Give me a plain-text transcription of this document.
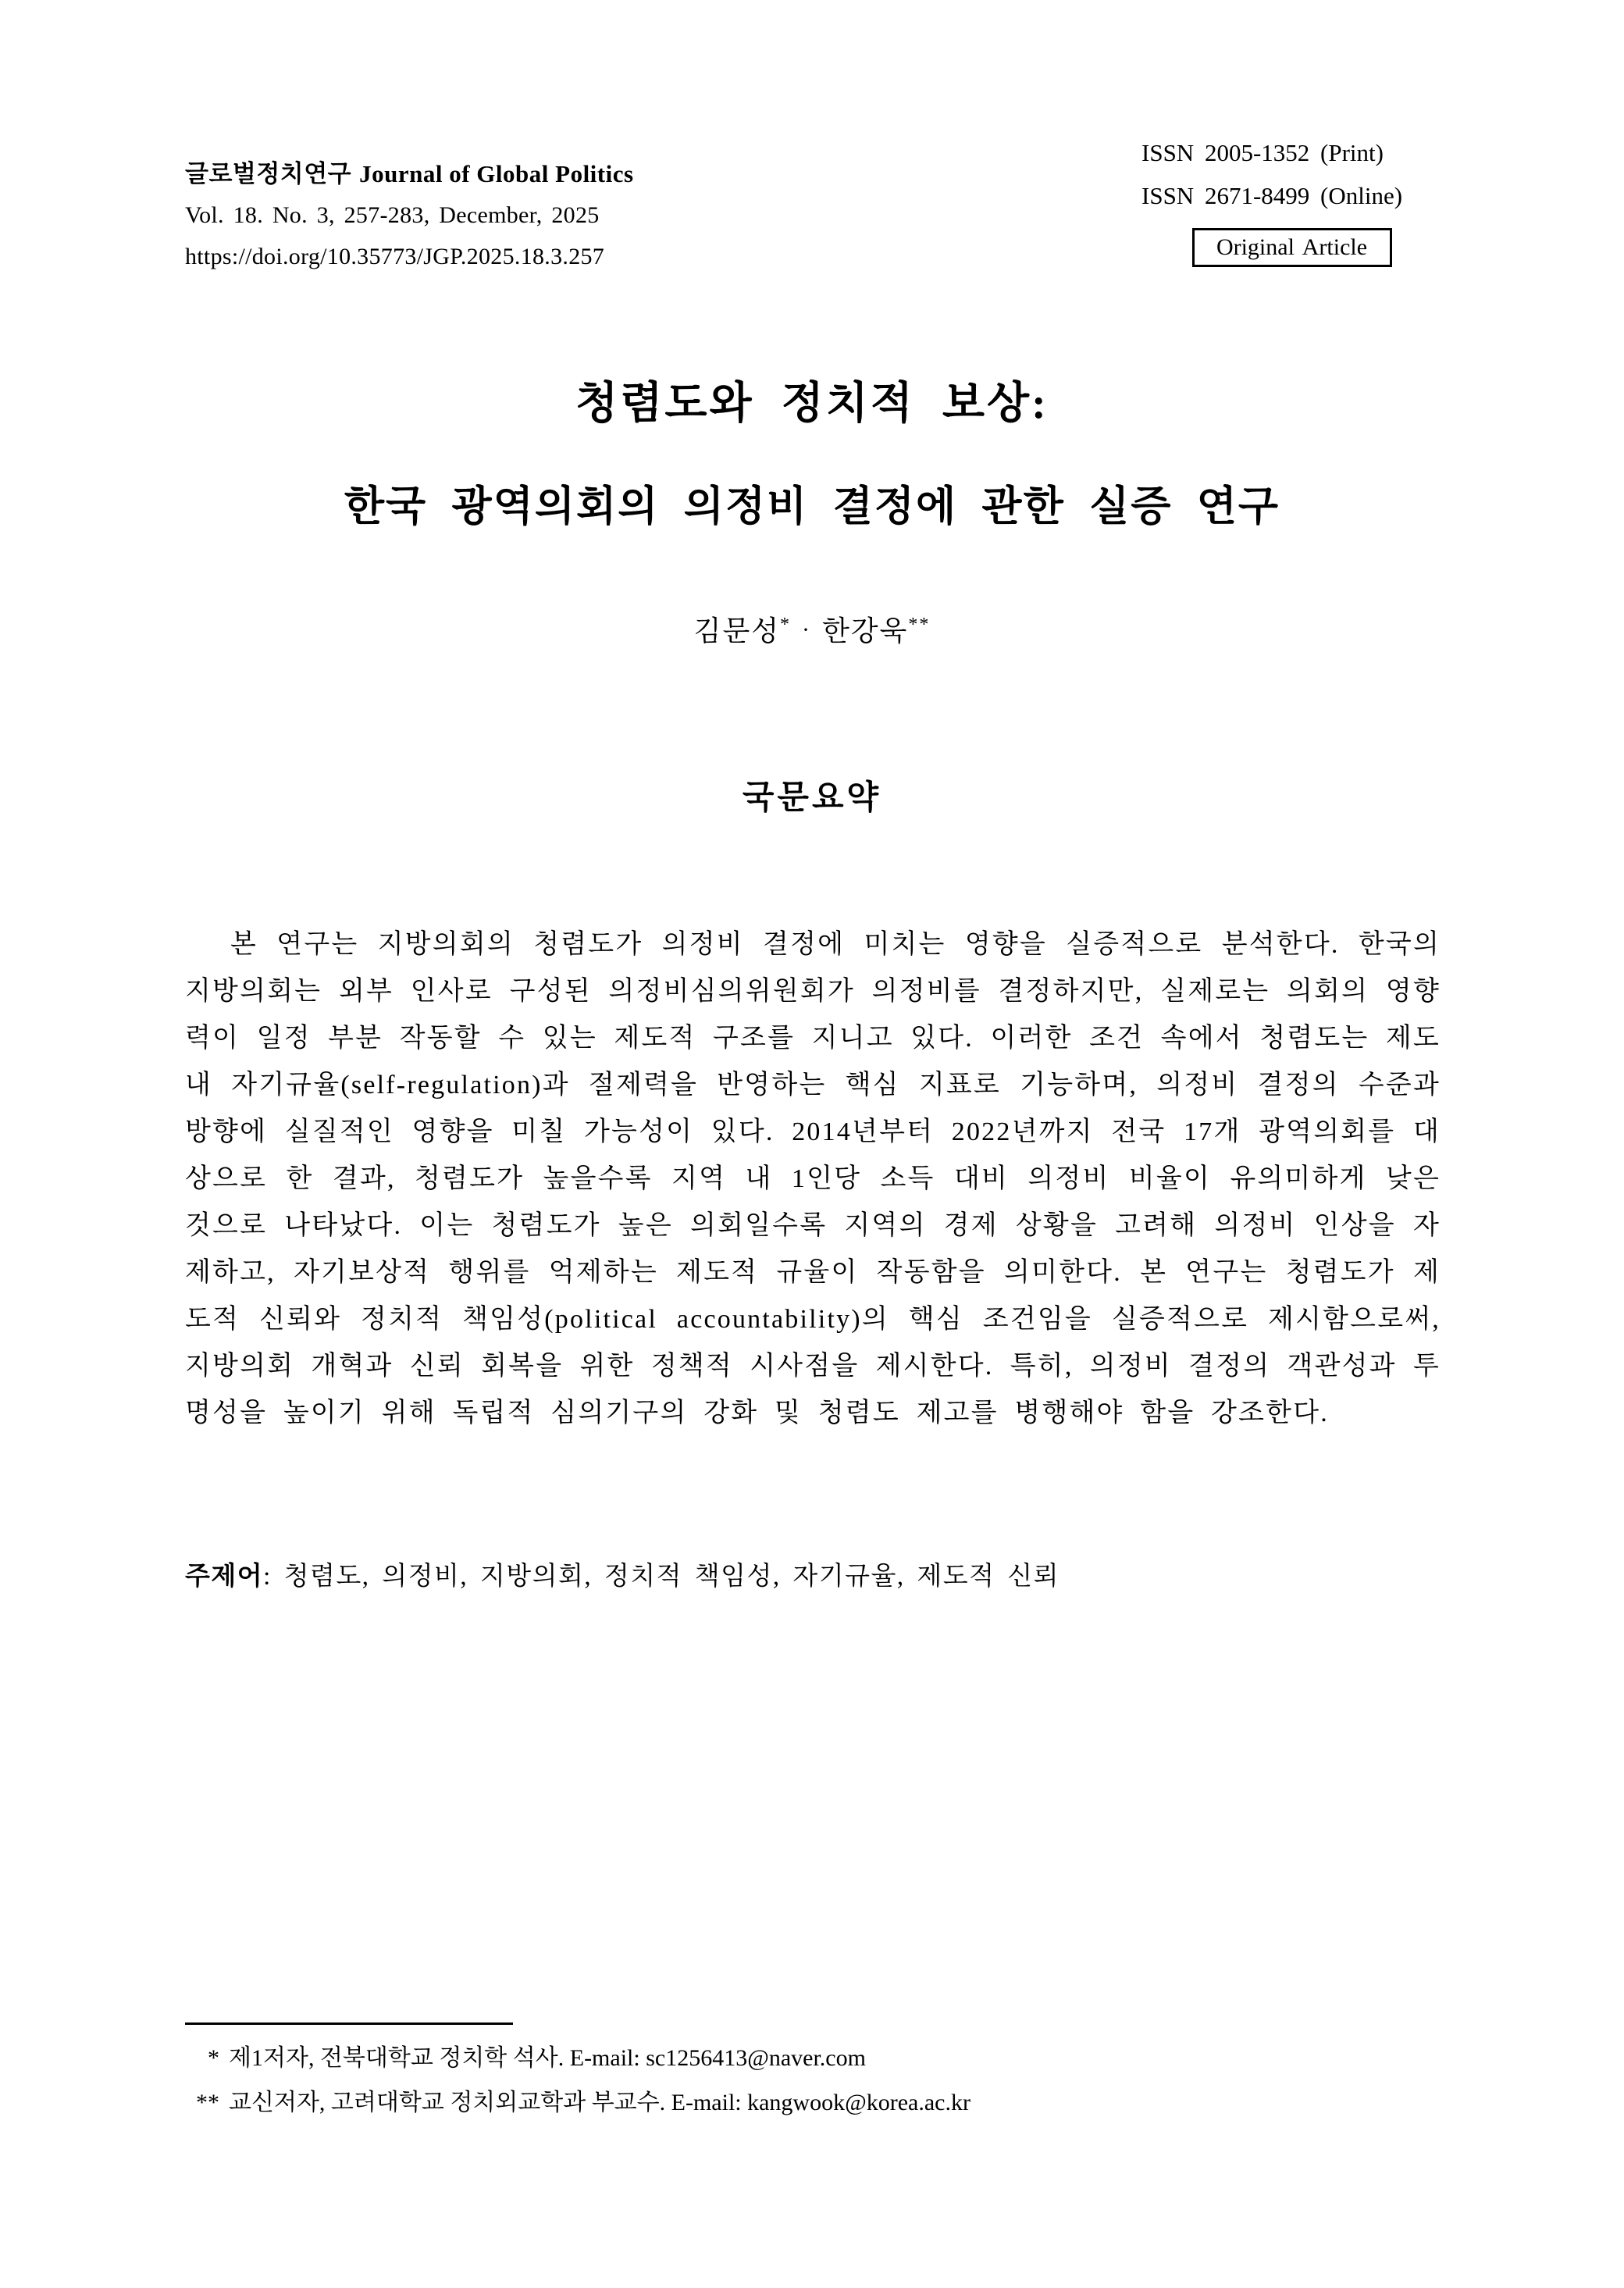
글로벌정치연구 Journal of Global Politics
Vol. 18. No. 3, 257-283, December, 2025
https://doi.org/10.35773/JGP.2025.18.3.257
ISSN 2005-1352 (Print)
ISSN 2671-8499 (Online)
Original Article
청렴도와 정치적 보상:
한국 광역의회의 의정비 결정에 관한 실증 연구
김문성* · 한강욱**
국문요약

본 연구는 지방의회의 청렴도가 의정비 결정에 미치는 영향을 실증적으로 분석한다. 한국의 지방의회는 외부 인사로 구성된 의정비심의위원회가 의정비를 결정하지만, 실제로는 의회의 영향력이 일정 부분 작동할 수 있는 제도적 구조를 지니고 있다. 이러한 조건 속에서 청렴도는 제도 내 자기규율(self-regulation)과 절제력을 반영하는 핵심 지표로 기능하며, 의정비 결정의 수준과 방향에 실질적인 영향을 미칠 가능성이 있다. 2014년부터 2022년까지 전국 17개 광역의회를 대상으로 한 결과, 청렴도가 높을수록 지역 내 1인당 소득 대비 의정비 비율이 유의미하게 낮은 것으로 나타났다. 이는 청렴도가 높은 의회일수록 지역의 경제 상황을 고려해 의정비 인상을 자제하고, 자기보상적 행위를 억제하는 제도적 규율이 작동함을 의미한다. 본 연구는 청렴도가 제도적 신뢰와 정치적 책임성(political accountability)의 핵심 조건임을 실증적으로 제시함으로써, 지방의회 개혁과 신뢰 회복을 위한 정책적 시사점을 제시한다. 특히, 의정비 결정의 객관성과 투명성을 높이기 위해 독립적 심의기구의 강화 및 청렴도 제고를 병행해야 함을 강조한다.

주제어: 청렴도, 의정비, 지방의회, 정치적 책임성, 자기규율, 제도적 신뢰
* 제1저자, 전북대학교 정치학 석사. E-mail: sc1256413@naver.com
** 교신저자, 고려대학교 정치외교학과 부교수. E-mail: kangwook@korea.ac.kr
